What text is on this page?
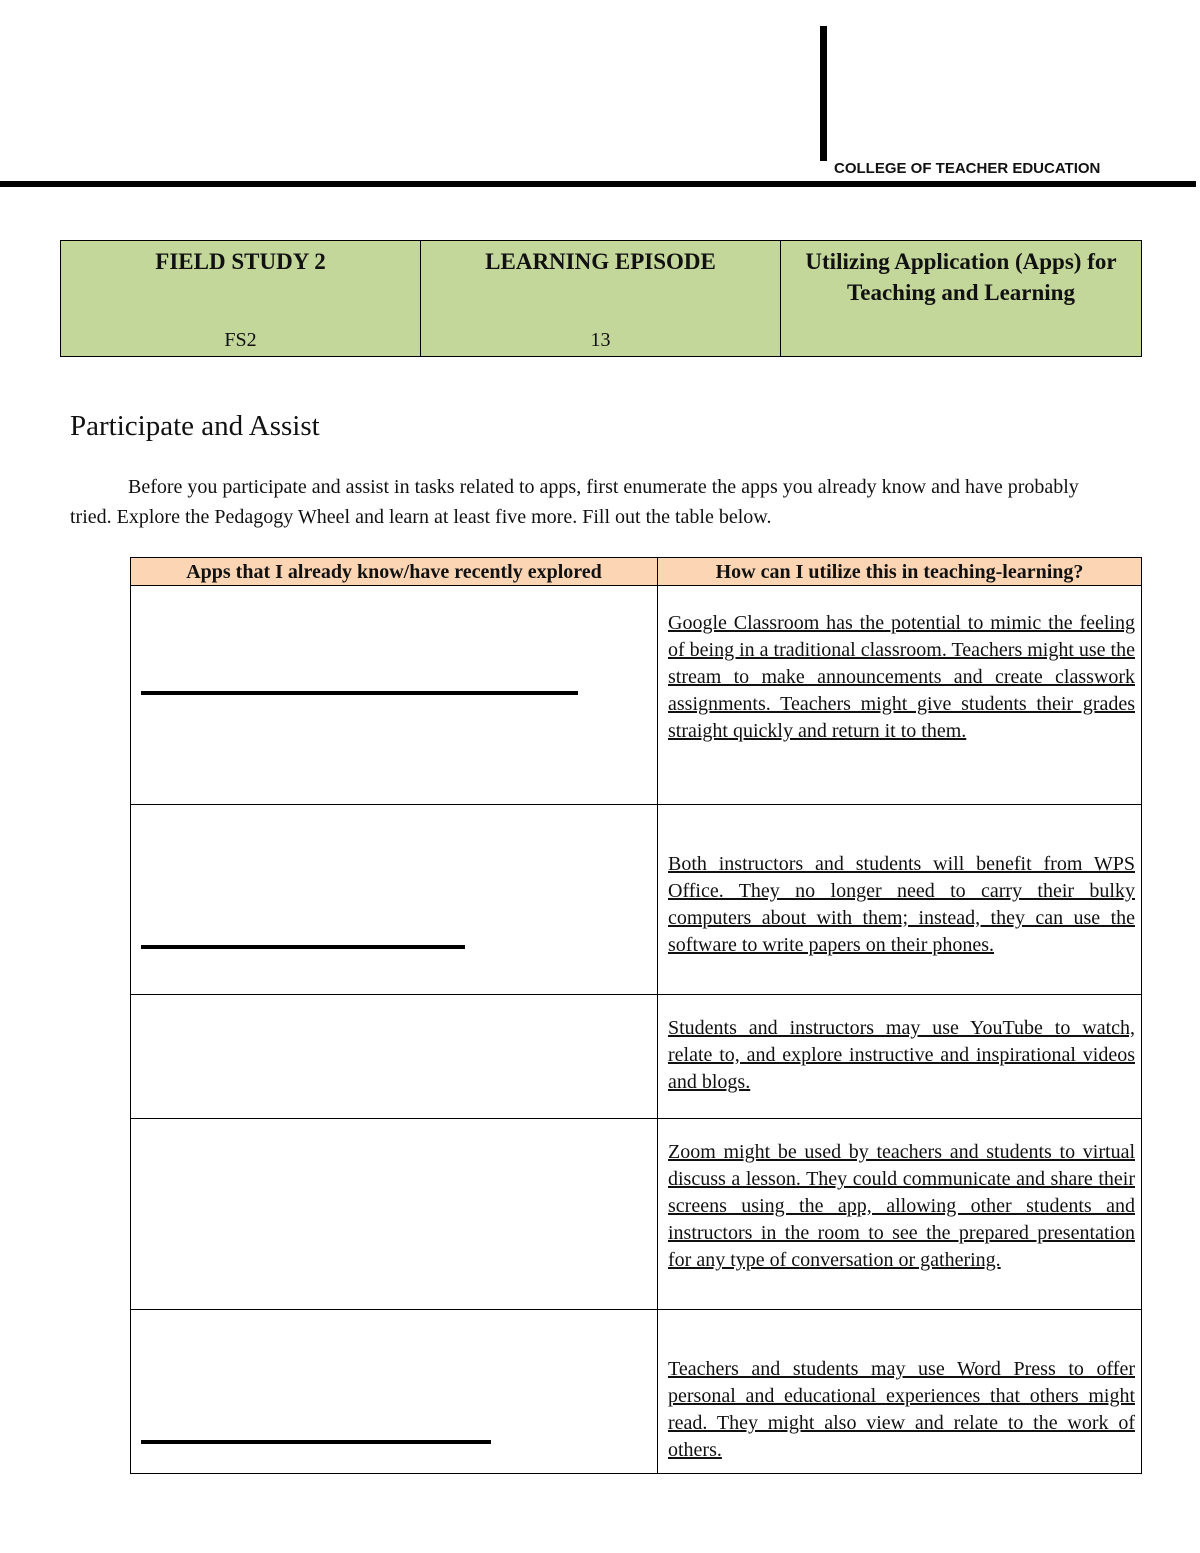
COLLEGE OF TEACHER EDUCATION
FIELD STUDY 2
FS2

LEARNING EPISODE
13

Utilizing Application (Apps) for Teaching and Learning
Participate and Assist
Before you participate and assist in tasks related to apps, first enumerate the apps you already know and have probably tried. Explore the Pedagogy Wheel and learn at least five more. Fill out the table below.
Apps that I already know/have recently explored	How can I utilize this in teaching-learning?

	Google Classroom has the potential to mimic the feeling of being in a traditional classroom. Teachers might use the stream to make announcements and create classwork assignments. Teachers might give students their grades straight quickly and return it to them.

	Both instructors and students will benefit from WPS Office. They no longer need to carry their bulky computers about with them; instead, they can use the software to write papers on their phones.

	Students and instructors may use YouTube to watch, relate to, and explore instructive and inspirational videos and blogs.

	Zoom might be used by teachers and students to virtual discuss a lesson. They could communicate and share their screens using the app, allowing other students and instructors in the room to see the prepared presentation for any type of conversation or gathering.

	Teachers and students may use Word Press to offer personal and educational experiences that others might read. They might also view and relate to the work of others.
